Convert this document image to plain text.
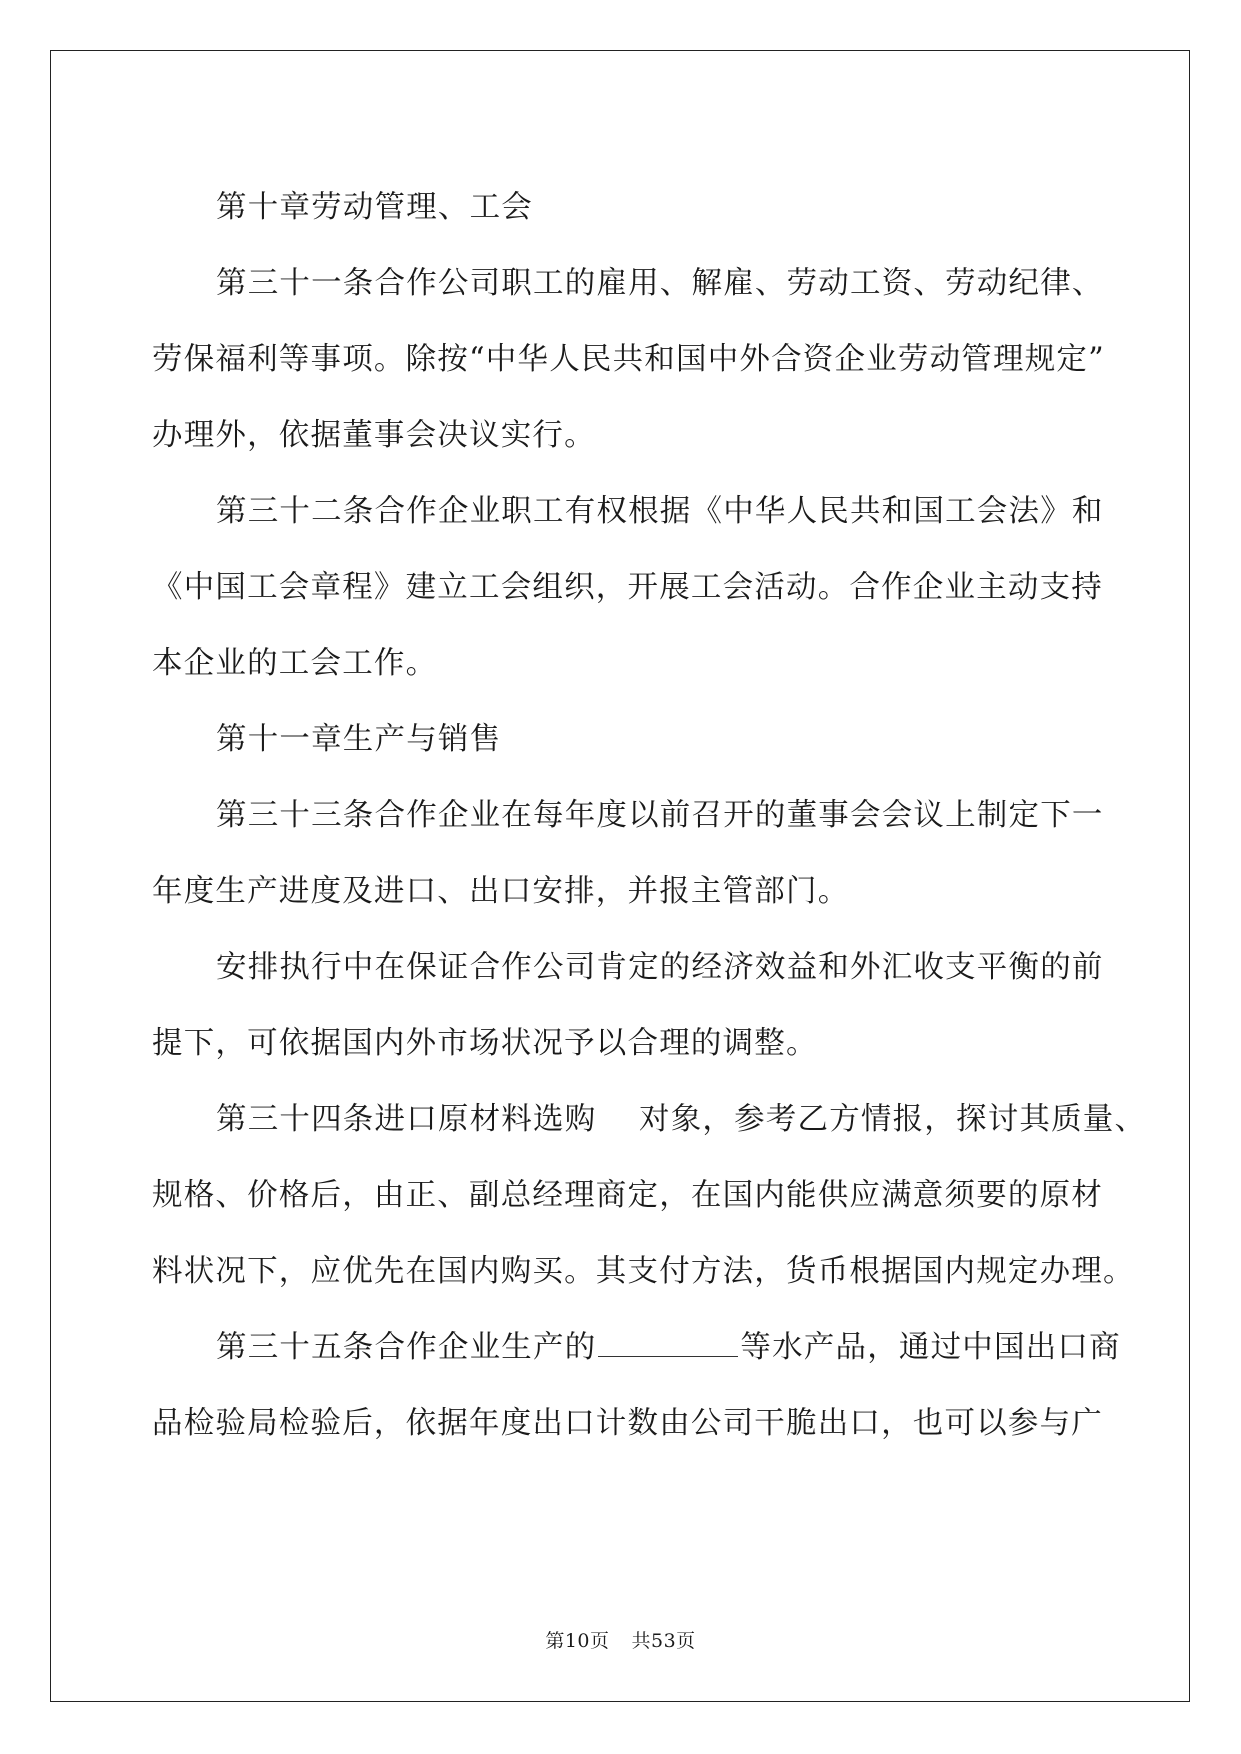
第十章劳动管理、工会
第三十一条合作公司职工的雇用、解雇、劳动工资、劳动纪律、
劳保福利等事项。除按“中华人民共和国中外合资企业劳动管理规定”
办理外，依据董事会决议实行。
第三十二条合作企业职工有权根据《中华人民共和国工会法》和
《中国工会章程》建立工会组织，开展工会活动。合作企业主动支持
本企业的工会工作。
第十一章生产与销售
第三十三条合作企业在每年度以前召开的董事会会议上制定下一
年度生产进度及进口、出口安排，并报主管部门。
安排执行中在保证合作公司肯定的经济效益和外汇收支平衡的前
提下，可依据国内外市场状况予以合理的调整。
第三十四条进口原材料选购　 对象，参考乙方情报，探讨其质量、
规格、价格后，由正、副总经理商定，在国内能供应满意须要的原材
料状况下，应优先在国内购买。其支付方法，货币根据国内规定办理。
第三十五条合作企业生产的	等水产品，通过中国出口商
品检验局检验后，依据年度出口计数由公司干脆出口，也可以参与广
第10页 共53页
